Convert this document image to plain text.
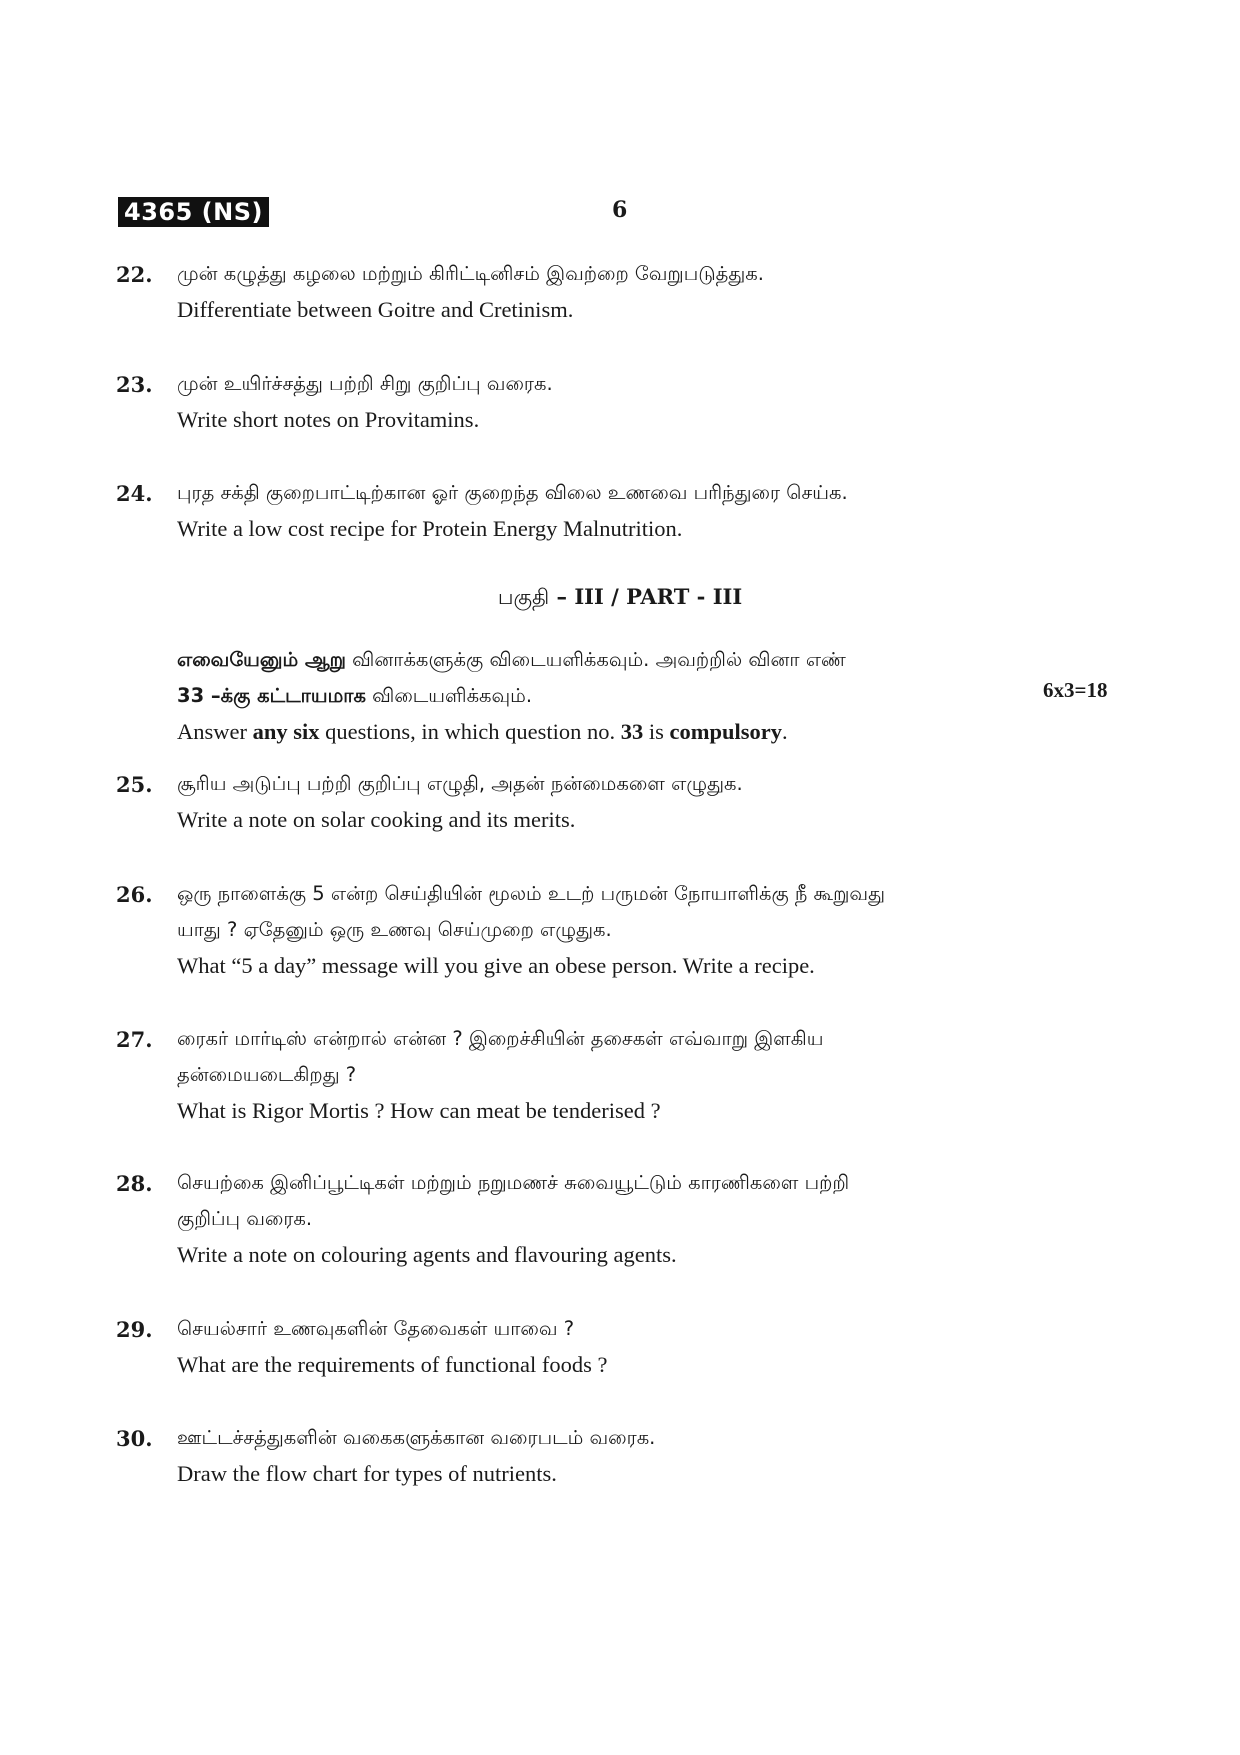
4365 (NS)	6
22. முன் கழுத்து கழலை மற்றும் கிரிட்டினிசம் இவற்றை வேறுபடுத்துக.

Differentiate between Goitre and Cretinism.

23. முன் உயிர்ச்சத்து பற்றி சிறு குறிப்பு வரைக.

Write short notes on Provitamins.

24. புரத சக்தி குறைபாட்டிற்கான ஓர் குறைந்த விலை உணவை பரிந்துரை செய்க.

Write a low cost recipe for Protein Energy Malnutrition.

பகுதி – III / PART - III

எவையேனும் ஆறு வினாக்களுக்கு விடையளிக்கவும். அவற்றில் வினா எண்

33 –க்கு கட்டாயமாக விடையளிக்கவும்.

Answer any six questions, in which question no. 33 is compulsory.

6x3=18
25. சூரிய அடுப்பு பற்றி குறிப்பு எழுதி, அதன் நன்மைகளை எழுதுக.

Write a note on solar cooking and its merits.

26. ஒரு நாளைக்கு 5 என்ற செய்தியின் மூலம் உடற் பருமன் நோயாளிக்கு நீ கூறுவது

யாது ? ஏதேனும் ஒரு உணவு செய்முறை எழுதுக.

What “5 a day” message will you give an obese person. Write a recipe.

27. ரைகர் மார்டிஸ் என்றால் என்ன ? இறைச்சியின் தசைகள் எவ்வாறு இளகிய

தன்மையடைகிறது ?

What is Rigor Mortis ? How can meat be tenderised ?

28. செயற்கை இனிப்பூட்டிகள் மற்றும் நறுமணச் சுவையூட்டும் காரணிகளை பற்றி

குறிப்பு வரைக.

Write a note on colouring agents and flavouring agents.

29. செயல்சார் உணவுகளின் தேவைகள் யாவை ?

What are the requirements of functional foods ?

30. ஊட்டச்சத்துகளின் வகைகளுக்கான வரைபடம் வரைக.

Draw the flow chart for types of nutrients.
